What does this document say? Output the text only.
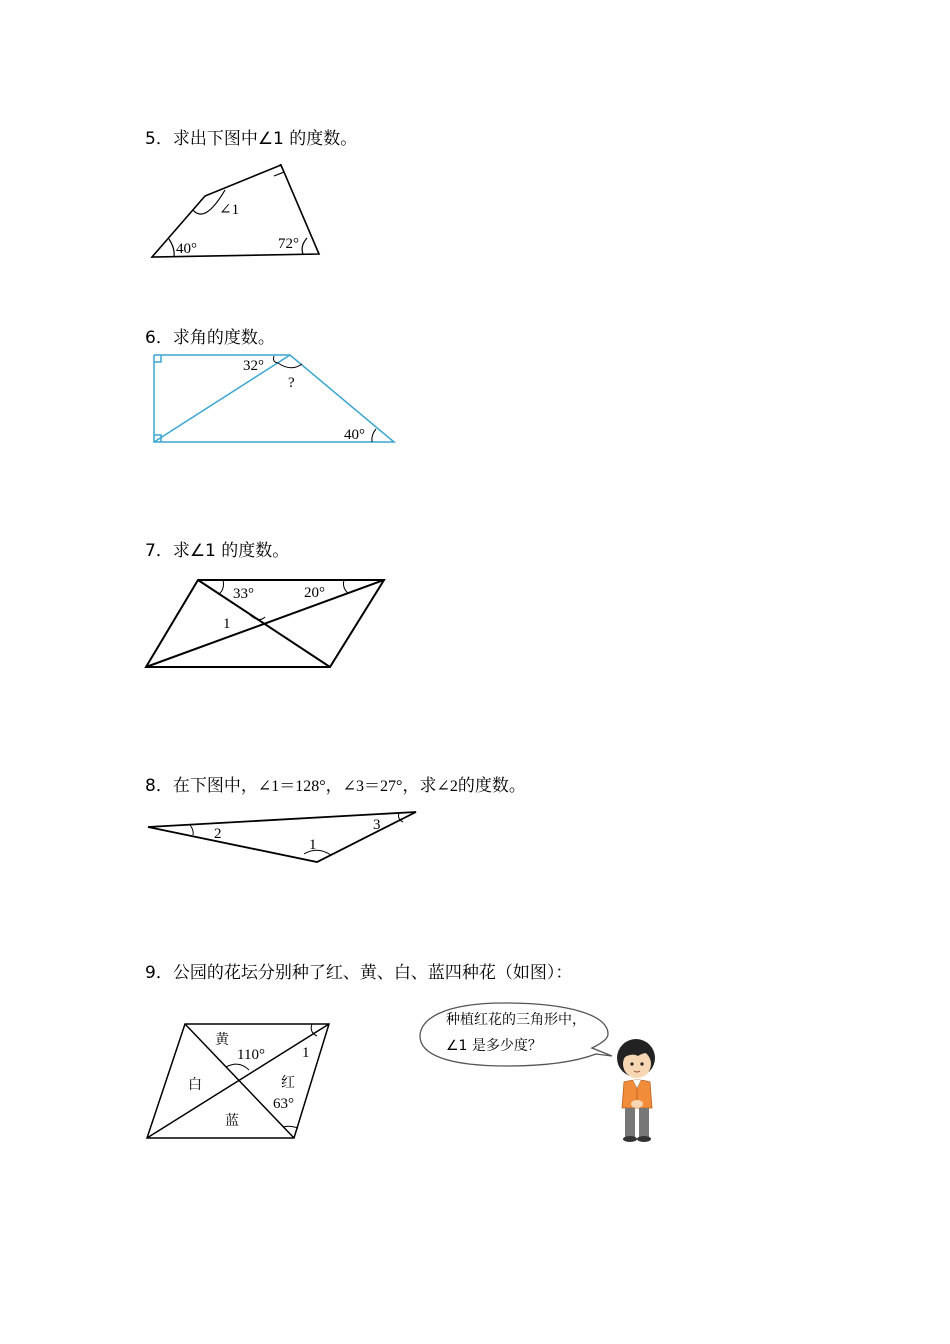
5．求出下图中∠1 的度数。
∠1
40°	72°
6．求角的度数。
32°
?
40°
7．求∠1 的度数。
33°	20°
1
8．在下图中，∠1＝128°，∠3＝27°，求∠2的度数。
2
1
3
9．公园的花坛分别种了红、黄、白、蓝四种花（如图）：
黄
110° 1
白	红
63°
蓝
种植红花的三角形中，
∠1 是多少度？
